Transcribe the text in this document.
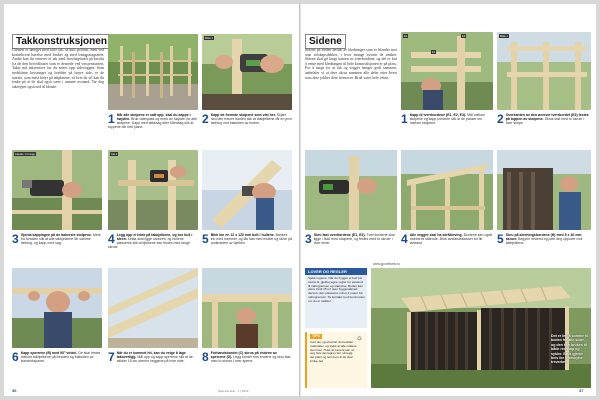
Takkonstruksjonen
Utfasen er umeget med rolle tak, så kult politisk, men ved konsekvent hørelse med bruker ag med trangparagrafen. Andre kan du entrerer et tak med hverdagsbrett på brisikt fra de den hovedbruset som er dernede ved vinsjenstarten, Taket må takyenfore før du settes opp sideveggen. Som nedskårne kryssinger og bredder på høyre side, er de største, som mest betyr på takplatene, så hvis du vil kan du tenke på at de skal også være i samme avstand. Tar deg taketyper også ned til blinde.
Bilde 2
1 Når alle stolpene er satt opp, skal du kappe i høyden. Bruk vaterpass og merk av høyden for alle stolpene. Kapp med stikksag eller håndsag slik at toppene blir helt plane.
2 Kapp de fremste stolpene som vist her. Skjær ned den fremre kanten slik at takbjelkene får en jevn helning mot baksiden av boden.
Fasade 1 til vegg	Tak 1
3 Gjenta kappingen på de bakerste stolpene. Merk fra forsiden slik at alle takbjelkene får samme helning, og kapp med sag.	4 Legg opp ei lekte på takbjelkene, og bor hull i ideen. Lekta skal ligge vannrett, og hullene plasseres slik at bjelkene kan festes med lange skruer.
5 Bikk inn en 12 x 120 mm bolt i hullene. Bankes inn med hammer, og lås fast med mutter og skive på undersiden av bjelken.
6 Kapp sperrene (B) med 90° vinkel. De skal festes mellom takbjelkene på forsiden og baksiden av konstruksjonen.	7 Når du er kommet hit, kan du velge å lage takoverligg. Mål opp og kapp sperrene slik at de stikker 15 cm utenfor veggene på hver side.	8 Forhandsbordet (C) skrus på endene av sperrene (D). Legg bordet mot endene og skru fast med to skruer i hver sperre.
36	Gjør det selv · 7 | 2013
Sidene
Sidene på boden bestås av kledninger som er blandet mot sine selskapsdekker, i hvor mange avsnitt de ønsker. Sidene skal gå langs kanten av ytterbordene, og det er lurt å vente med kledningen til hele konstruksjonen er på plass. For å sørge for at tak og vegger henger godt sammen, anbefaler vi at dere skrur sammen alle deler etter hvert som dere jobber dere fremover. Bruk vater hele veien.
E2
E1
E3	Bilde 1
1 Kapp til tverrbordene (E1, E2, E3). Mål mellom stolpene og kapp bordene slik at de passer inn mellom stolpene.	2 Overkanten av den øverste tverrbordet (E3) festes på toppen av stolpene. Skrus fast med to skruer i hver stolpe.
3 Skru fast overbordene (E1, E2). Tverrbordene skal ligge i flukt med stolpene, og festes med to skruer i hver ende.	4 Alle vegger skal ha skråkleving. Bordene kan også monteres stående. Bruk avstandsklosser for lik avstand.	5 Skru på kledningsbordene (H) med 5 x 40 mm skruer. Begynn nederst og jobb deg oppover mot takbjelkene.
LOVER OG REGLER
Sjekk reglene. Når du bygger ei bod på tomta di, gjelder egne regler for avstand til nabogrensen og størrelse. Boden kan være inntil 15 m² uten byggesøknad dersom den plasseres minst 1 meter fra nabogrensen. Ta kontakt med kommunen om du er usikker.
TIPS	☼
Vær ute i god tid før du bestiller materialer, og sjekk at alle målene stemmer. Husk at treverk kan vri seg hvis det lagres feil, så legg det plant og tørt frem til du skal bruke det.
Det er lett å komme til boden fra alle sider, og den kan brukes til både redskap og sykler. Bruk gjerne beis for å beskytte treverket.
www.gjordetselv.no
37
